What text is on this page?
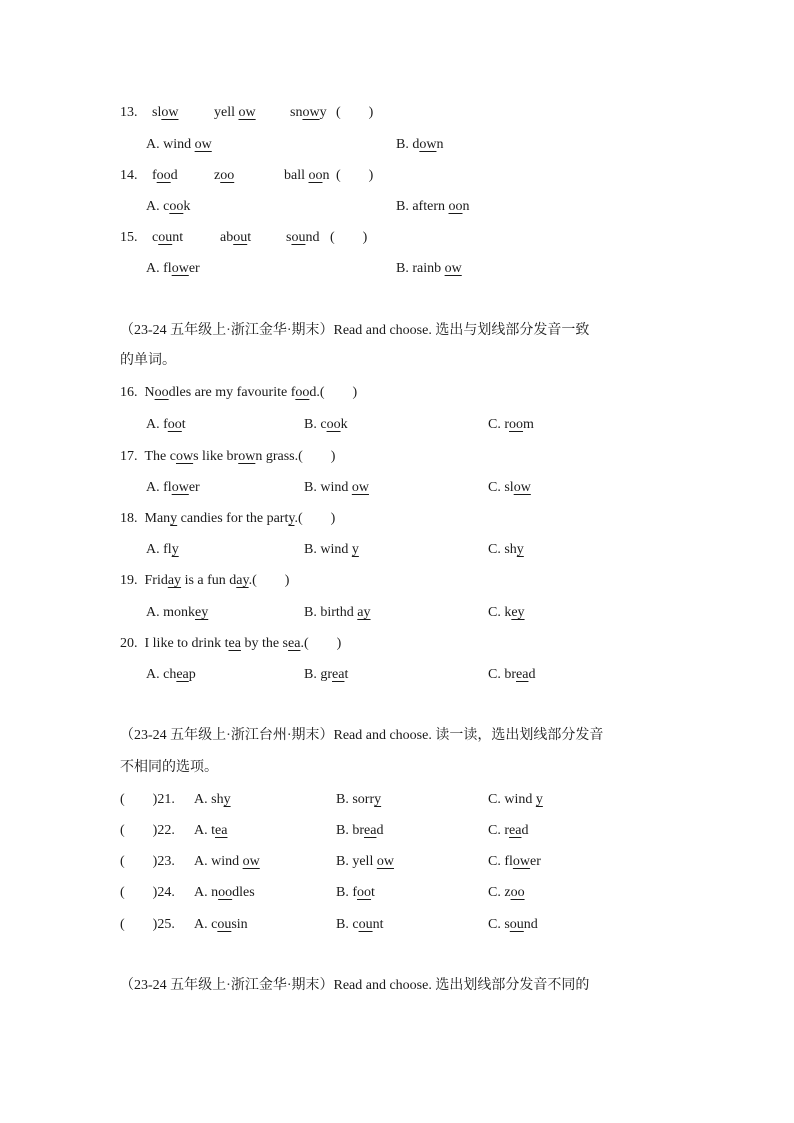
13. slow	yell ow snowy (　　)
A. wind ow	B. down
14. food	zoo	ball oon (　　)
A. cook	B. aftern oon
15. count	about sound (　　)
A. flower	B. rainb ow
（23-24 五年级上·浙江金华·期末）Read and choose. 选出与划线部分发音一致
的单词。
16. Noodles are my favourite food.(　　)
A. foot	B. cook	C. room
17. The cows like brown grass.(　　)
A. flower	B. wind ow	C. slow
18. Many candies for the party.(　　)
A. fly	B. wind y	C. shy
19. Friday is a fun day.(　　)
A. monkey	B. birthd ay	C. key
20. I like to drink tea by the sea.(　　)
A. cheap	B. great	C. bread
（23-24 五年级上·浙江台州·期末）Read and choose. 读一读，选出划线部分发音
不相同的选项。
(　　)21. A. shy	B. sorry	C. wind y
(　　)22. A. tea	B. bread	C. read
(　　)23. A. wind ow	B. yell ow	C. flower
(　　)24. A. noodles	B. foot	C. zoo
(　　)25. A. cousin	B. count	C. sound
（23-24 五年级上·浙江金华·期末）Read and choose. 选出划线部分发音不同的
